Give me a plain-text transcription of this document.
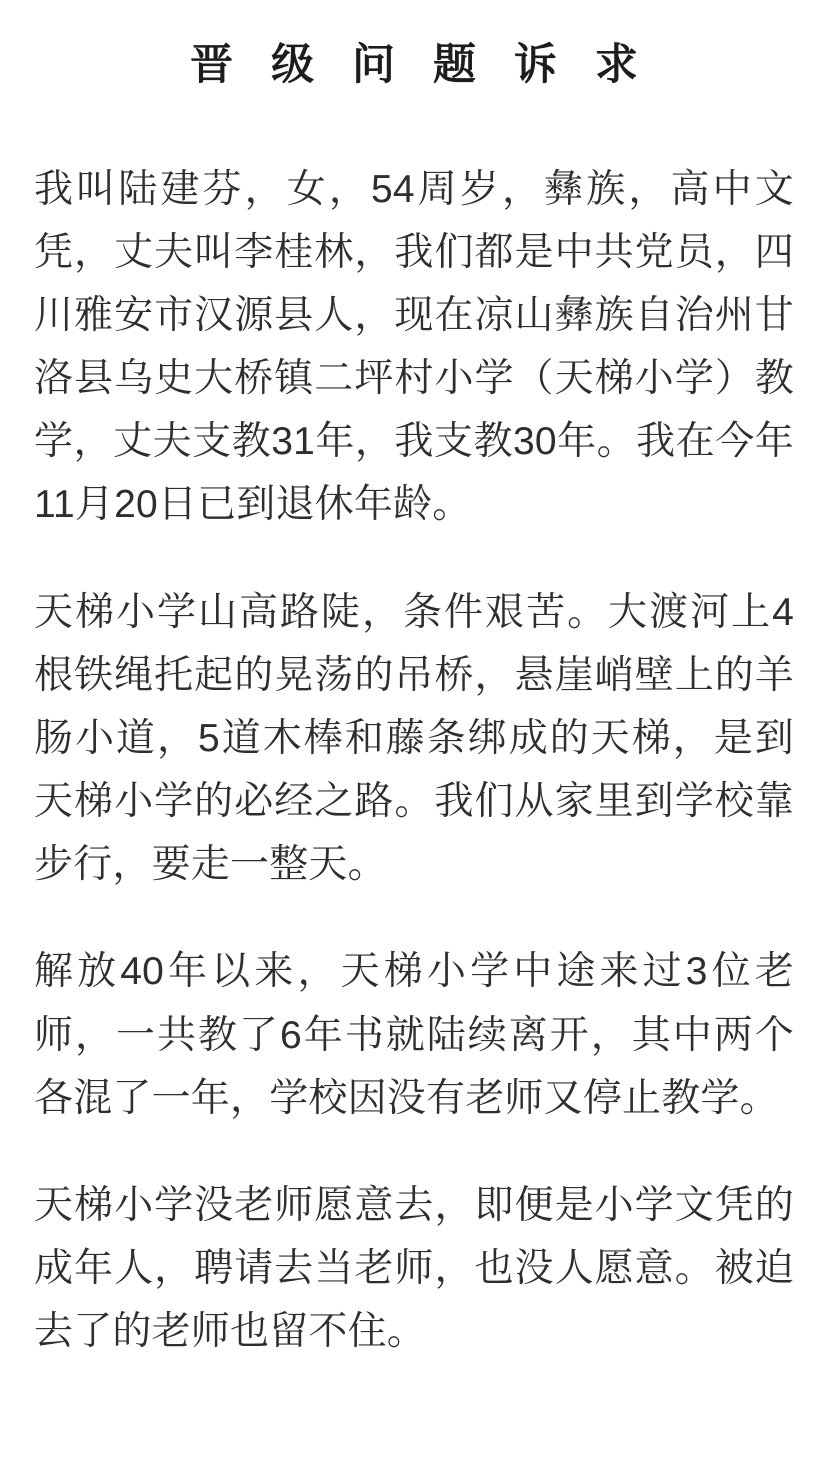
晋 级 问 题 诉 求

我叫陆建芬，女，54周岁，彝族，高中文凭，丈夫叫李桂林，我们都是中共党员，四川雅安市汉源县人，现在凉山彝族自治州甘洛县乌史大桥镇二坪村小学（天梯小学）教学，丈夫支教31年，我支教30年。我在今年11月20日已到退休年龄。

天梯小学山高路陡，条件艰苦。大渡河上4根铁绳托起的晃荡的吊桥，悬崖峭壁上的羊肠小道，5道木棒和藤条绑成的天梯，是到天梯小学的必经之路。我们从家里到学校靠步行，要走一整天。

解放40年以来，天梯小学中途来过3位老师，一共教了6年书就陆续离开，其中两个各混了一年，学校因没有老师又停止教学。

天梯小学没老师愿意去，即便是小学文凭的成年人，聘请去当老师，也没人愿意。被迫去了的老师也留不住。
